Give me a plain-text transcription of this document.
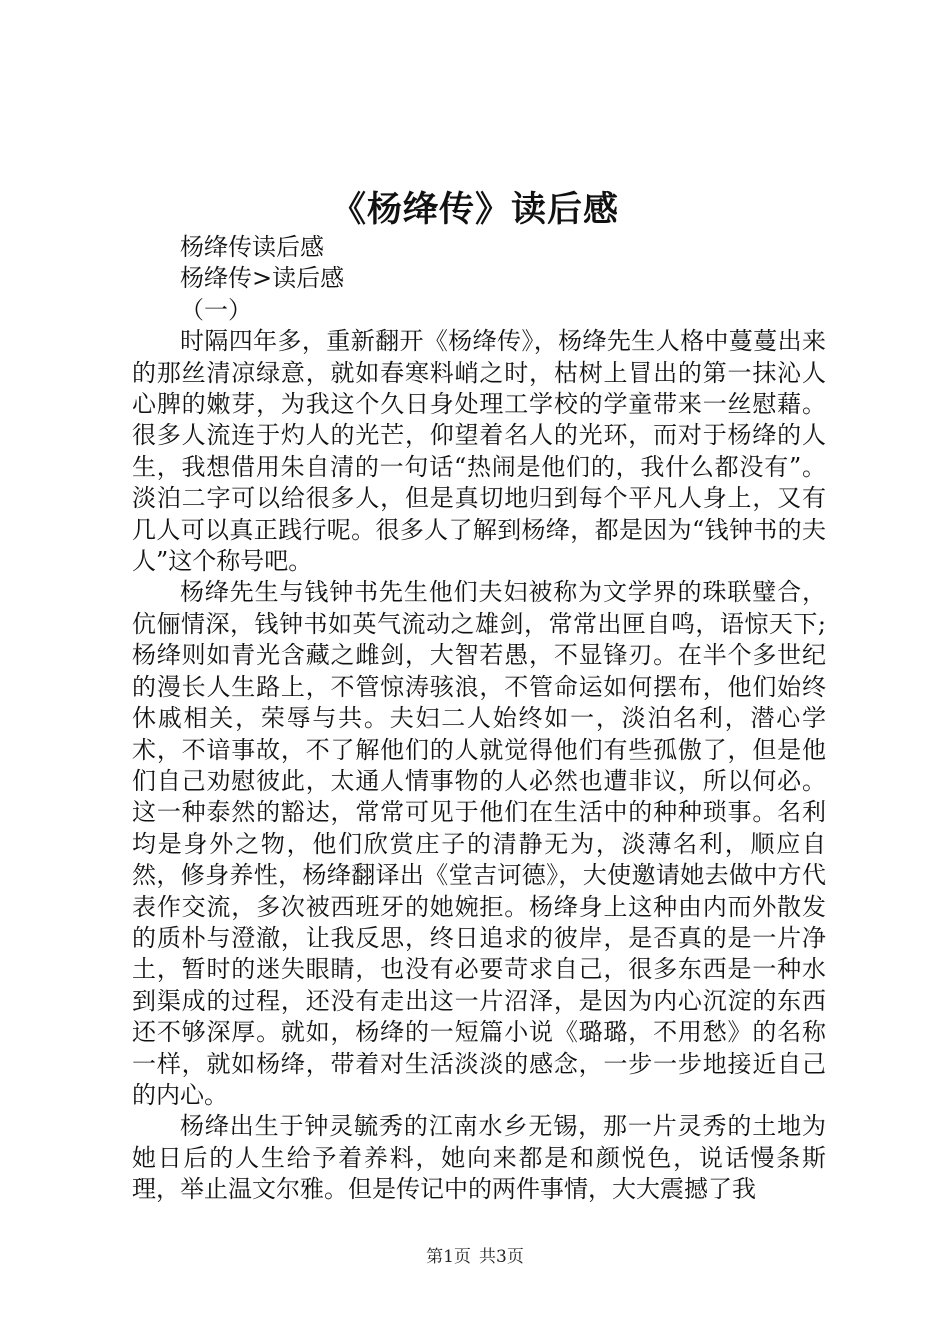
《杨绛传》读后感

杨绛传读后感

杨绛传>读后感

（一）

时隔四年多，重新翻开《杨绛传》，杨绛先生人格中蔓蔓出来的那丝清凉绿意，就如春寒料峭之时，枯树上冒出的第一抹沁人心脾的嫩芽，为我这个久日身处理工学校的学童带来一丝慰藉。很多人流连于灼人的光芒，仰望着名人的光环，而对于杨绛的人生，我想借用朱自清的一句话“热闹是他们的，我什么都没有”。淡泊二字可以给很多人，但是真切地归到每个平凡人身上，又有几人可以真正践行呢。很多人了解到杨绛，都是因为“钱钟书的夫人”这个称号吧。

杨绛先生与钱钟书先生他们夫妇被称为文学界的珠联璧合，伉俪情深，钱钟书如英气流动之雄剑，常常出匣自鸣，语惊天下;杨绛则如青光含藏之雌剑，大智若愚，不显锋刃。在半个多世纪的漫长人生路上，不管惊涛骇浪，不管命运如何摆布，他们始终休戚相关，荣辱与共。夫妇二人始终如一，淡泊名利，潜心学术，不谙事故，不了解他们的人就觉得他们有些孤傲了，但是他们自己劝慰彼此，太通人情事物的人必然也遭非议，所以何必。这一种泰然的豁达，常常可见于他们在生活中的种种琐事。名利均是身外之物，他们欣赏庄子的清静无为，淡薄名利，顺应自然，修身养性，杨绛翻译出《堂吉诃德》，大使邀请她去做中方代表作交流，多次被西班牙的她婉拒。杨绛身上这种由内而外散发的质朴与澄澈，让我反思，终日追求的彼岸，是否真的是一片净土，暂时的迷失眼睛，也没有必要苛求自己，很多东西是一种水到渠成的过程，还没有走出这一片沼泽，是因为内心沉淀的东西还不够深厚。就如，杨绛的一短篇小说《璐璐，不用愁》的名称一样，就如杨绛，带着对生活淡淡的感念，一步一步地接近自己的内心。

杨绛出生于钟灵毓秀的江南水乡无锡，那一片灵秀的土地为她日后的人生给予着养料，她向来都是和颜悦色，说话慢条斯理，举止温文尔雅。但是传记中的两件事情，大大震撼了我

第1页 共3页
